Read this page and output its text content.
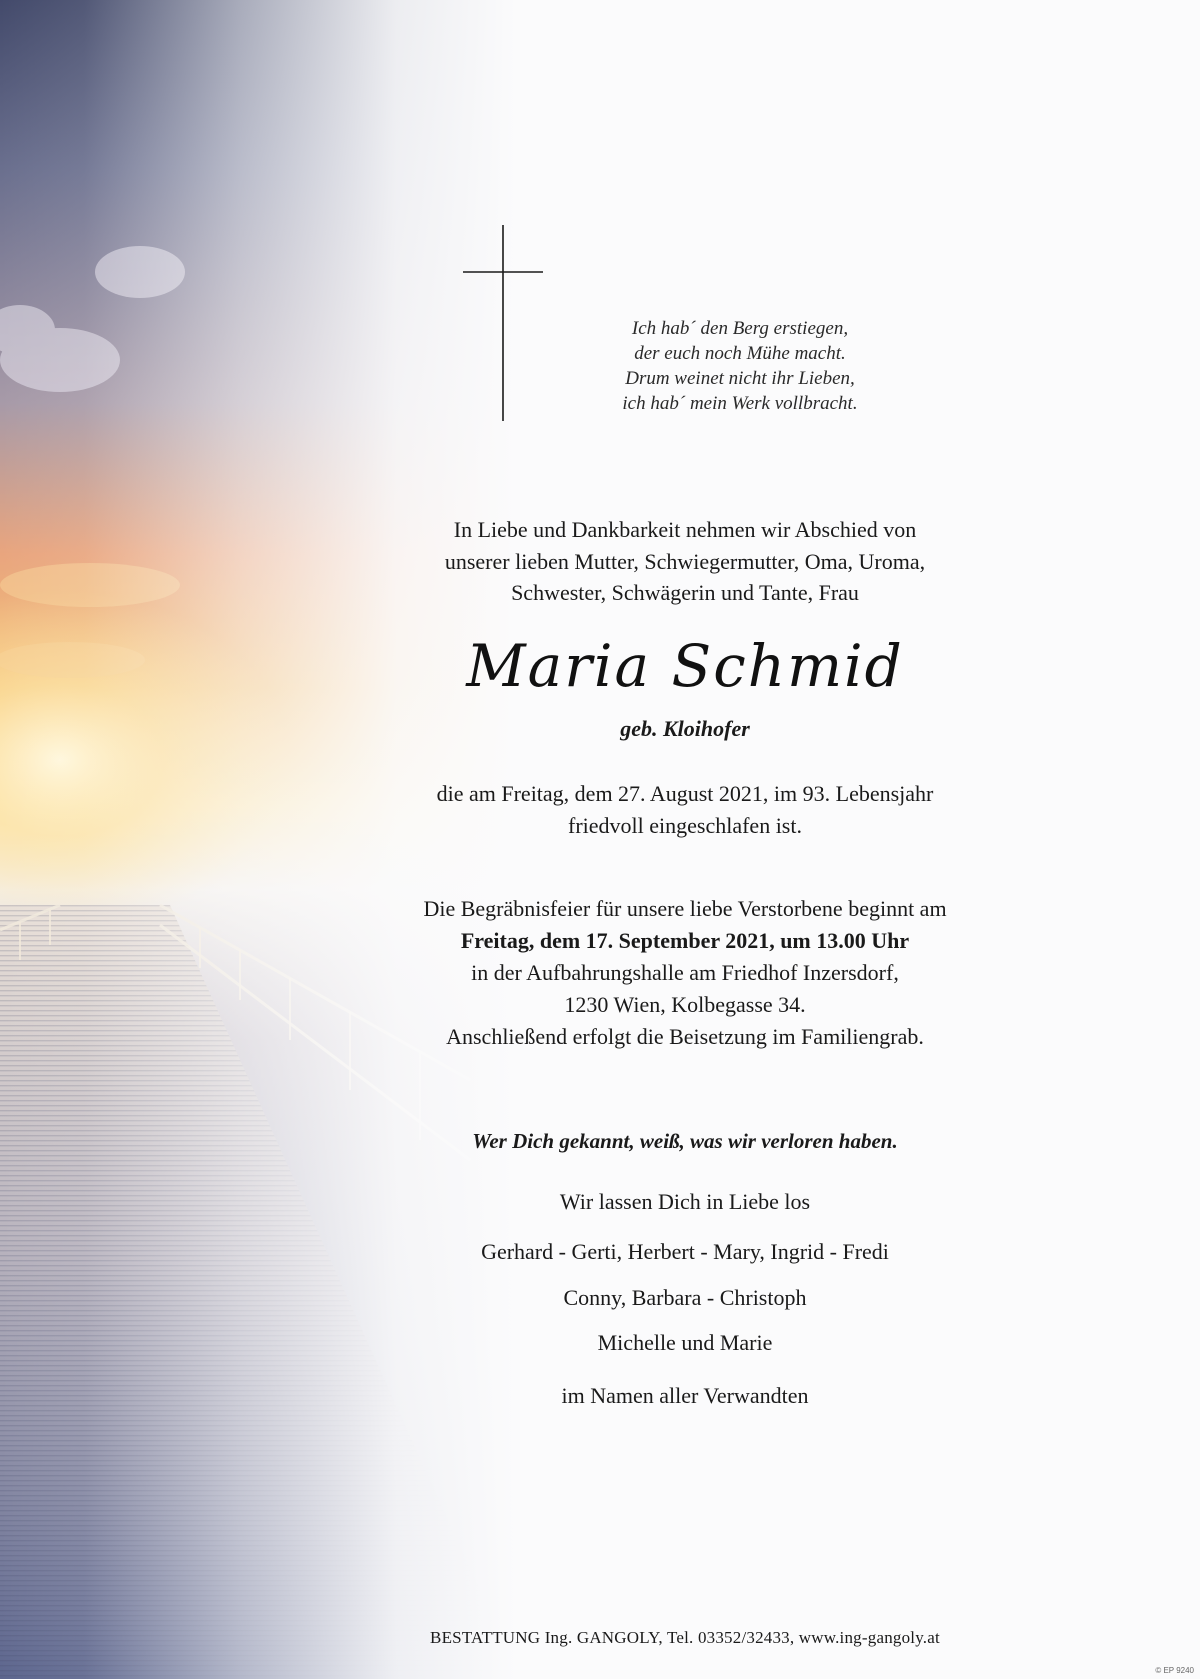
Ich hab´ den Berg erstiegen,
der euch noch Mühe macht.
Drum weinet nicht ihr Lieben,
ich hab´ mein Werk vollbracht.
In Liebe und Dankbarkeit nehmen wir Abschied von
unserer lieben Mutter, Schwiegermutter, Oma, Uroma,
Schwester, Schwägerin und Tante, Frau
Maria Schmid
geb. Kloihofer
die am Freitag, dem 27. August 2021, im 93. Lebensjahr
friedvoll eingeschlafen ist.
Die Begräbnisfeier für unsere liebe Verstorbene beginnt am
Freitag, dem 17. September 2021, um 13.00 Uhr
in der Aufbahrungshalle am Friedhof Inzersdorf,
1230 Wien, Kolbegasse 34.
Anschließend erfolgt die Beisetzung im Familiengrab.
Wer Dich gekannt, weiß, was wir verloren haben.
Wir lassen Dich in Liebe los
Gerhard - Gerti, Herbert - Mary, Ingrid - Fredi
Conny, Barbara - Christoph
Michelle und Marie
im Namen aller Verwandten
BESTATTUNG Ing. GANGOLY, Tel. 03352/32433, www.ing-gangoly.at
© EP 9240
